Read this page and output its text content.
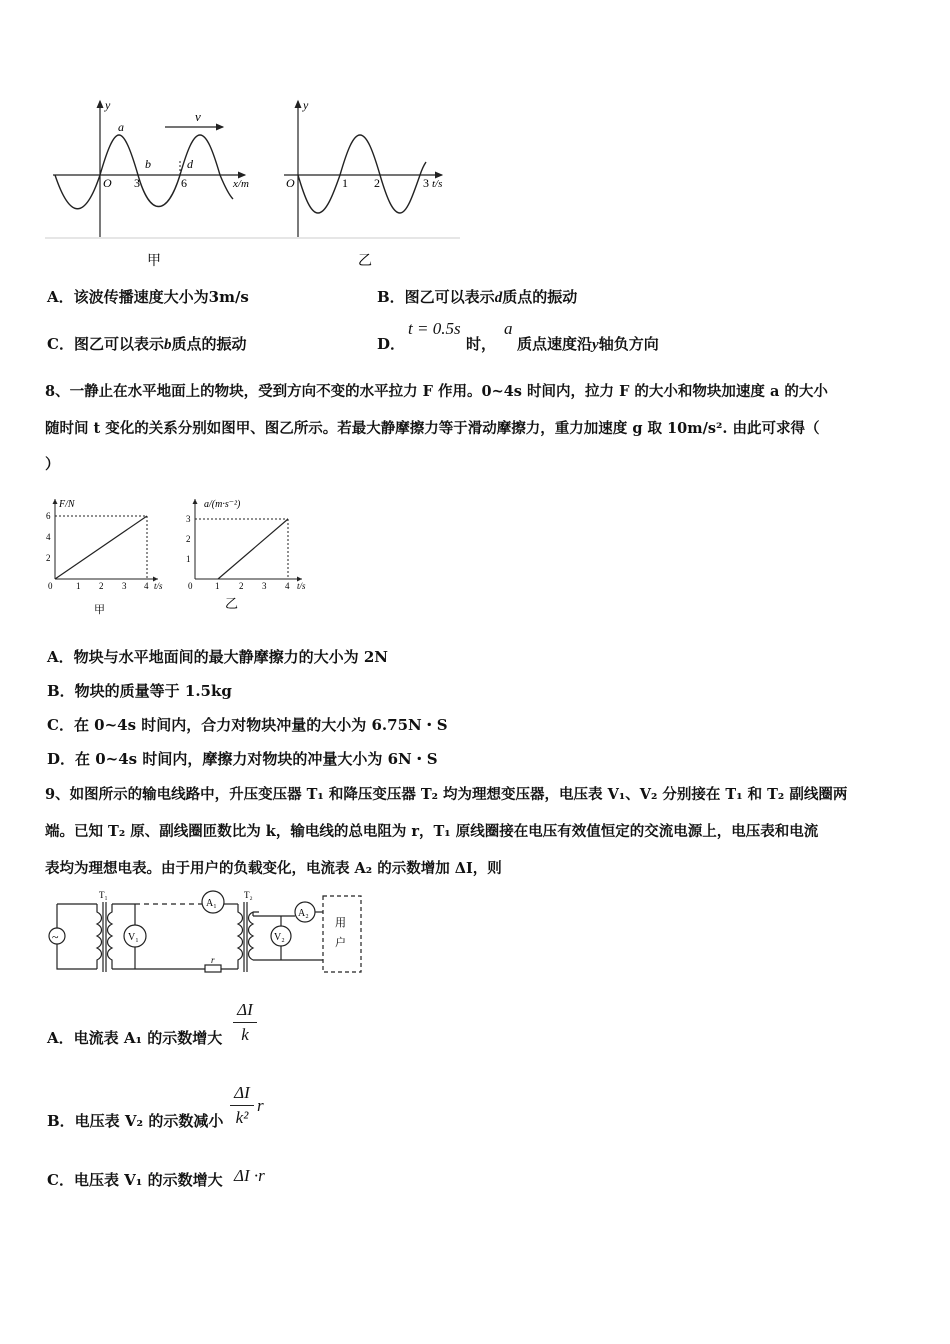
y
v
a
b	d
O 3	6	x/m
甲
y
O	1 2	3 t/s
乙
A．该波传播速度大小为3m/s	B．图乙可以表示d质点的振动
C．图乙可以表示b质点的振动	D．
t = 0.5s
时，
a
质点速度沿y轴负方向
8、一静止在水平地面上的物块，受到方向不变的水平拉力 F 作用。0~4s 时间内，拉力 F 的大小和物块加速度 a 的大小
随时间 t 变化的关系分别如图甲、图乙所示。若最大静摩擦力等于滑动摩擦力，重力加速度 g 取 10m/s². 由此可求得（
）
F/N
6
4
2
0	1 2 3 4 t/s
甲
a/(m·s⁻²)
3
2
1
0	1 2 3 4 t/s
乙
A．物块与水平地面间的最大静摩擦力的大小为 2N
B．物块的质量等于 1.5kg
C．在 0~4s 时间内，合力对物块冲量的大小为 6.75N・S
D．在 0~4s 时间内，摩擦力对物块的冲量大小为 6N・S
9、如图所示的输电线路中，升压变压器 T₁ 和降压变压器 T₂ 均为理想变压器，电压表 V₁、V₂ 分别接在 T₁ 和 T₂ 副线圈两
端。已知 T₂ 原、副线圈匝数比为 k，输电线的总电阻为 r，T₁ 原线圈接在电压有效值恒定的交流电源上，电压表和电流
表均为理想电表。由于用户的负载变化，电流表 A₂ 的示数增加 ΔI，则
~
T₁
V₁
A₁
r
T₂
V₂
A₂
用
户
A．电流表 A₁ 的示数增大
ΔI
k
B．电压表 V₂ 的示数减小
ΔI
k²
r
C．电压表 V₁ 的示数增大 ΔI ·r
